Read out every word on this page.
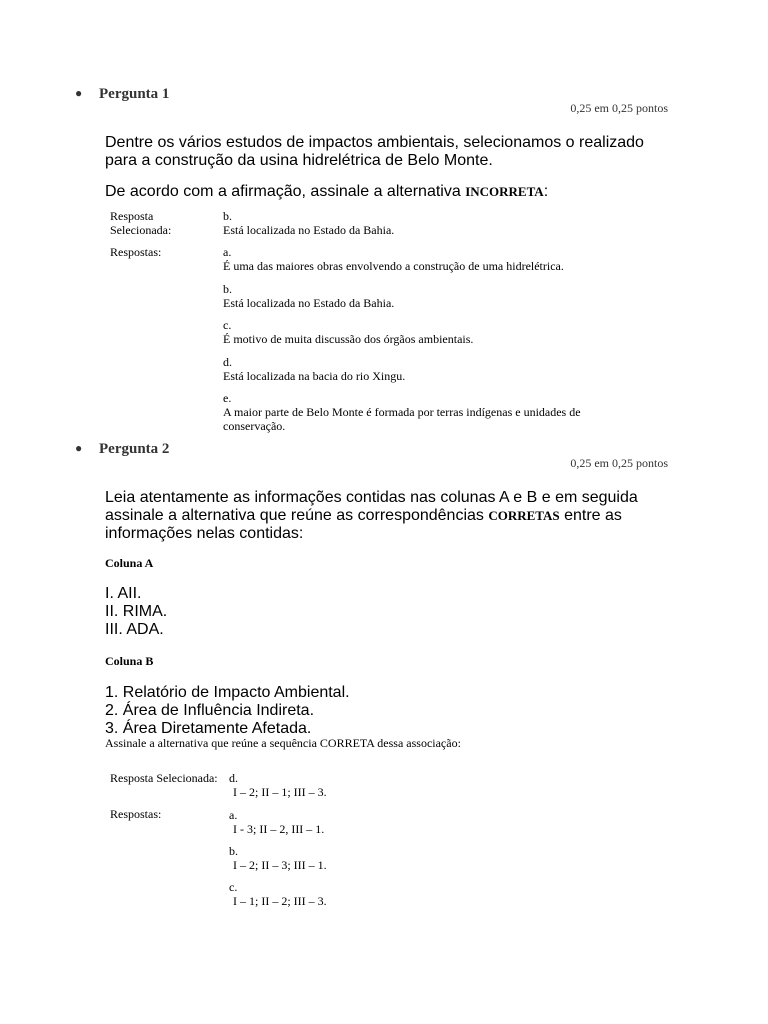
● Pergunta 1
0,25 em 0,25 pontos
Dentre os vários estudos de impactos ambientais, selecionamos o realizado
para a construção da usina hidrelétrica de Belo Monte.
De acordo com a afirmação, assinale a alternativa INCORRETA:
Resposta
Selecionada:
b.
Está localizada no Estado da Bahia.
Respostas:	a.
É uma das maiores obras envolvendo a construção de uma hidrelétrica.
b.
Está localizada no Estado da Bahia.
c.
É motivo de muita discussão dos órgãos ambientais.
d.
Está localizada na bacia do rio Xingu.
e.
A maior parte de Belo Monte é formada por terras indígenas e unidades de
conservação.
● Pergunta 2
0,25 em 0,25 pontos
Leia atentamente as informações contidas nas colunas A e B e em seguida
assinale a alternativa que reúne as correspondências CORRETAS entre as
informações nelas contidas:
Coluna A
I. AII.
II. RIMA.
III. ADA.
Coluna B
1. Relatório de Impacto Ambiental.
2. Área de Influência Indireta.
3. Área Diretamente Afetada.
Assinale a alternativa que reúne a sequência CORRETA dessa associação:
Resposta Selecionada: d.
I – 2; II – 1; III – 3.
Respostas:	a.
I - 3; II – 2, III – 1.
b.
I – 2; II – 3; III – 1.
c.
I – 1; II – 2; III – 3.
